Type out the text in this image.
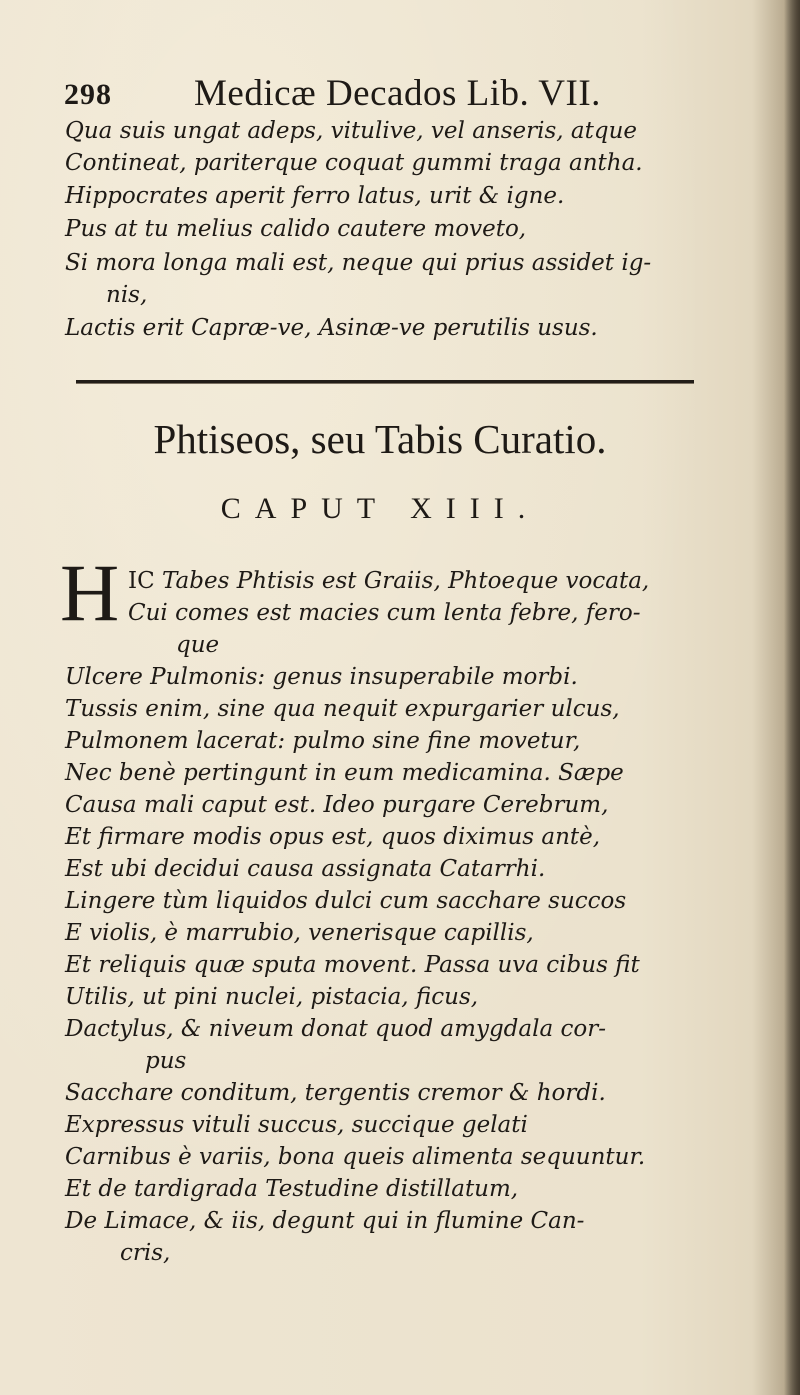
298 Medicæ Decados Lib. VII.
Qua suis ungat adeps, vitulive, vel anseris, atque
Contineat, pariterque coquat gummi traga antha.
Hippocrates aperit ferro latus, urit & igne.
Pus at tu melius calido cautere moveto,
Si mora longa mali est, neque qui prius assidet ig-
nis,
Lactis erit Capræ-ve, Asinæ-ve perutilis usus.
Phtiseos, seu Tabis Curatio.
CAPUT XIII.
H IC Tabes Phtisis est Graiis, Phtoeque vocata,
Cui comes est macies cum lenta febre, fero-
que
Ulcere Pulmonis: genus insuperabile morbi.
Tussis enim, sine qua nequit expurgarier ulcus,
Pulmonem lacerat: pulmo sine fine movetur,
Nec benè pertingunt in eum medicamina. Sæpe
Causa mali caput est. Ideo purgare Cerebrum,
Et firmare modis opus est, quos diximus antè,
Est ubi decidui causa assignata Catarrhi.
Lingere tùm liquidos dulci cum sacchare succos
E violis, è marrubio, venerisque capillis,
Et reliquis quæ sputa movent. Passa uva cibus fit
Utilis, ut pini nuclei, pistacia, ficus,
Dactylus, & niveum donat quod amygdala cor-
pus
Sacchare conditum, tergentis cremor & hordi.
Expressus vituli succus, succique gelati
Carnibus è variis, bona queis alimenta sequuntur.
Et de tardigrada Testudine distillatum,
De Limace, & iis, degunt qui in flumine Can-
cris,
